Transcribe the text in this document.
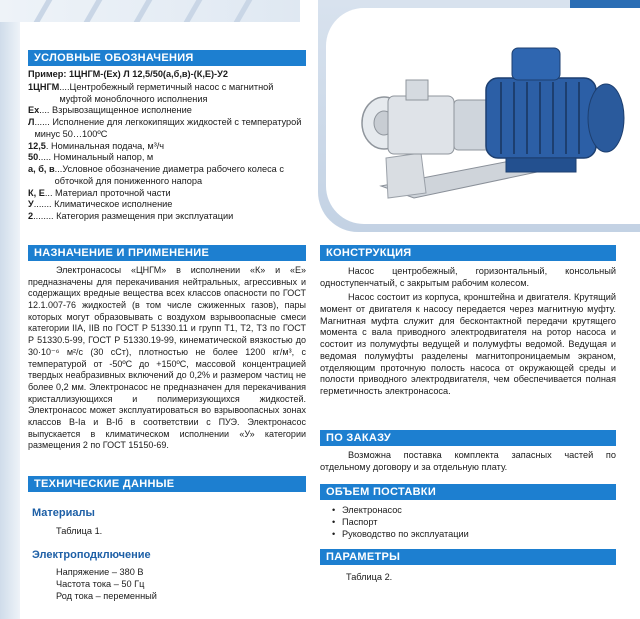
УСЛОВНЫЕ ОБОЗНАЧЕНИЯ
Пример: 1ЦНГМ-(Ex) Л 12,5/50(а,б,в)-(К,Е)-У2
1ЦНГМ ....Центробежный герметичный насос с магнитной муфтой моноблочного исполнения
Ex .... Взрывозащищенное исполнение
Л ...... Исполнение для легкокипящих жидкостей с температурой минус 50…100ºС
12,5 . Номинальная подача, м³/ч
50 ..... Номинальный напор, м
а, б, в ...Условное обозначение диаметра рабочего колеса с обточкой для пониженного напора
К, Е ... Материал проточной части
У ....... Климатическое исполнение
2 ........ Категория размещения при эксплуатации
НАЗНАЧЕНИЕ И ПРИМЕНЕНИЕ
Электронасосы «ЦНГМ» в исполнении «К» и «Е» предназначены для перекачивания нейтральных, агрессивных и содержащих вредные вещества всех классов опасности по ГОСТ 12.1.007-76 жидкостей (в том числе сжиженных газов), пары которых могут образовывать с воздухом взрывоопасные смеси категории IIА, IIВ по ГОСТ Р 51330.11 и групп Т1, Т2, Т3 по ГОСТ Р 51330.5-99, ГОСТ Р 51330.19-99, кинематической вязкостью до 30·10⁻⁶ м²/с (30 сСт), плотностью не более 1200 кг/м³, с температурой от -50ºС до +150ºС, массовой концентрацией твердых неабразивных включений до 0,2% и размером частиц не более 0,2 мм. Электронасос не предназначен для перекачивания кристаллизующихся и полимеризующихся жидкостей. Электронасос может эксплуатироваться во взрывоопасных зонах классов В-Iа и В-Iб в соответствии с ПУЭ. Электронасос выпускается в климатическом исполнении «У» категории размещения 2 по ГОСТ 15150-69.
ТЕХНИЧЕСКИЕ ДАННЫЕ
Материалы
Таблица 1.
Электроподключение
Напряжение – 380 В
Частота тока – 50 Гц
Род тока – переменный
КОНСТРУКЦИЯ
Насос центробежный, горизонтальный, консольный одноступенчатый, с закрытым рабочим колесом.
Насос состоит из корпуса, кронштейна и двигателя. Крутящий момент от двигателя к насосу передается через магнитную муфту. Магнитная муфта служит для бесконтактной передачи крутящего момента с вала приводного электродвигателя на ротор насоса и состоит из полумуфты ведущей и полумуфты ведомой. Ведущая и ведомая полумуфты разделены магнитопроницаемым экраном, отделяющим проточную полость насоса от окружающей среды и полости приводного электродвигателя, чем обеспечивается полная герметичность электронасоса.
ПО ЗАКАЗУ
Возможна поставка комплекта запасных частей по отдельному договору и за отдельную плату.
ОБЪЕМ ПОСТАВКИ
• Электронасос
• Паспорт
• Руководство по эксплуатации
ПАРАМЕТРЫ
Таблица 2.
